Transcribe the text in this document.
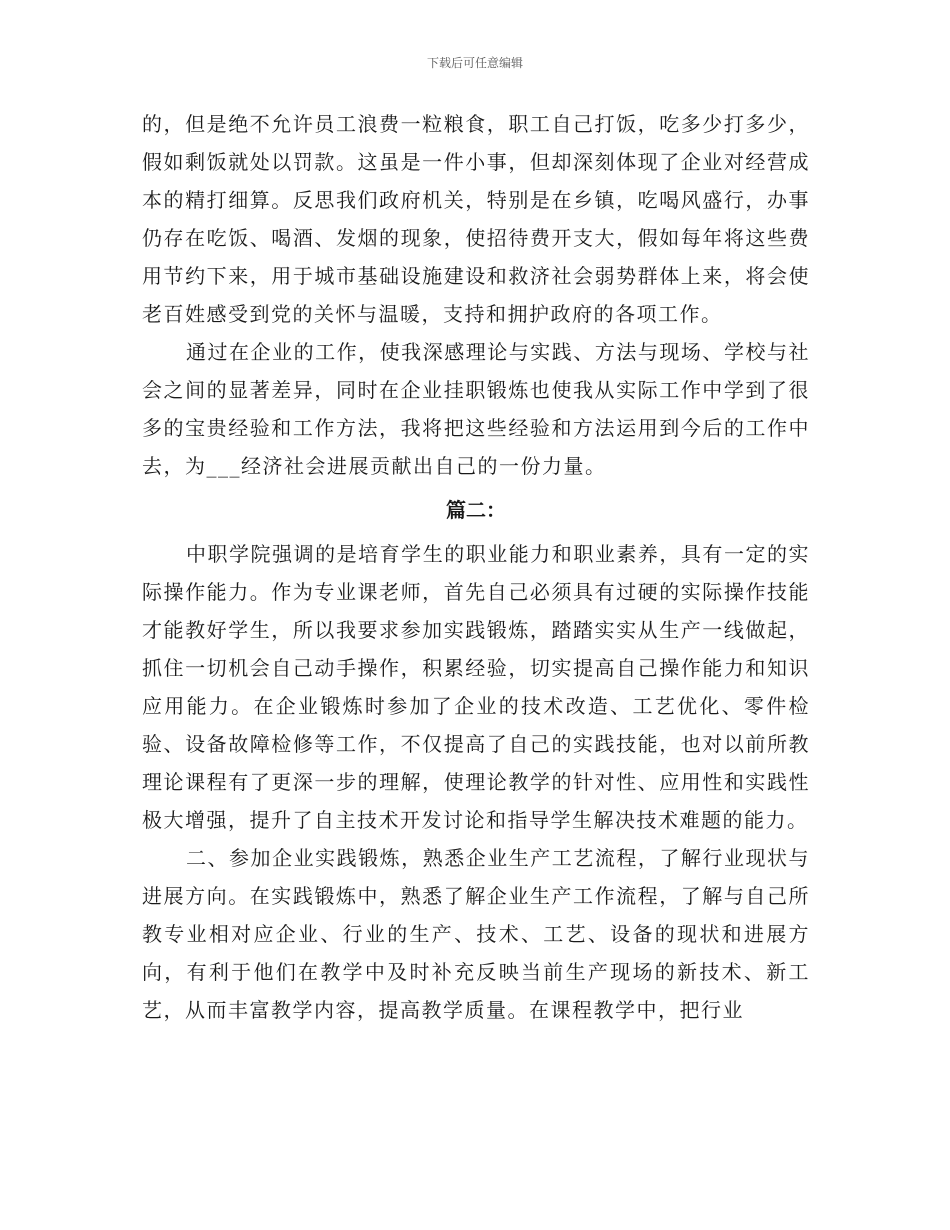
下载后可任意编辑

的，但是绝不允许员工浪费一粒粮食，职工自己打饭，吃多少打多少，假如剩饭就处以罚款。这虽是一件小事，但却深刻体现了企业对经营成本的精打细算。反思我们政府机关，特别是在乡镇，吃喝风盛行，办事仍存在吃饭、喝酒、发烟的现象，使招待费开支大，假如每年将这些费用节约下来，用于城市基础设施建设和救济社会弱势群体上来，将会使老百姓感受到党的关怀与温暖，支持和拥护政府的各项工作。

通过在企业的工作，使我深感理论与实践、方法与现场、学校与社会之间的显著差异，同时在企业挂职锻炼也使我从实际工作中学到了很多的宝贵经验和工作方法，我将把这些经验和方法运用到今后的工作中去，为___经济社会进展贡献出自己的一份力量。

篇二：

中职学院强调的是培育学生的职业能力和职业素养，具有一定的实际操作能力。作为专业课老师，首先自己必须具有过硬的实际操作技能才能教好学生，所以我要求参加实践锻炼，踏踏实实从生产一线做起，抓住一切机会自己动手操作，积累经验，切实提高自己操作能力和知识应用能力。在企业锻炼时参加了企业的技术改造、工艺优化、零件检验、设备故障检修等工作，不仅提高了自己的实践技能，也对以前所教理论课程有了更深一步的理解，使理论教学的针对性、应用性和实践性极大增强，提升了自主技术开发讨论和指导学生解决技术难题的能力。

二、参加企业实践锻炼，熟悉企业生产工艺流程，了解行业现状与进展方向。在实践锻炼中，熟悉了解企业生产工作流程，了解与自己所教专业相对应企业、行业的生产、技术、工艺、设备的现状和进展方向，有利于他们在教学中及时补充反映当前生产现场的新技术、新工艺，从而丰富教学内容，提高教学质量。在课程教学中，把行业
